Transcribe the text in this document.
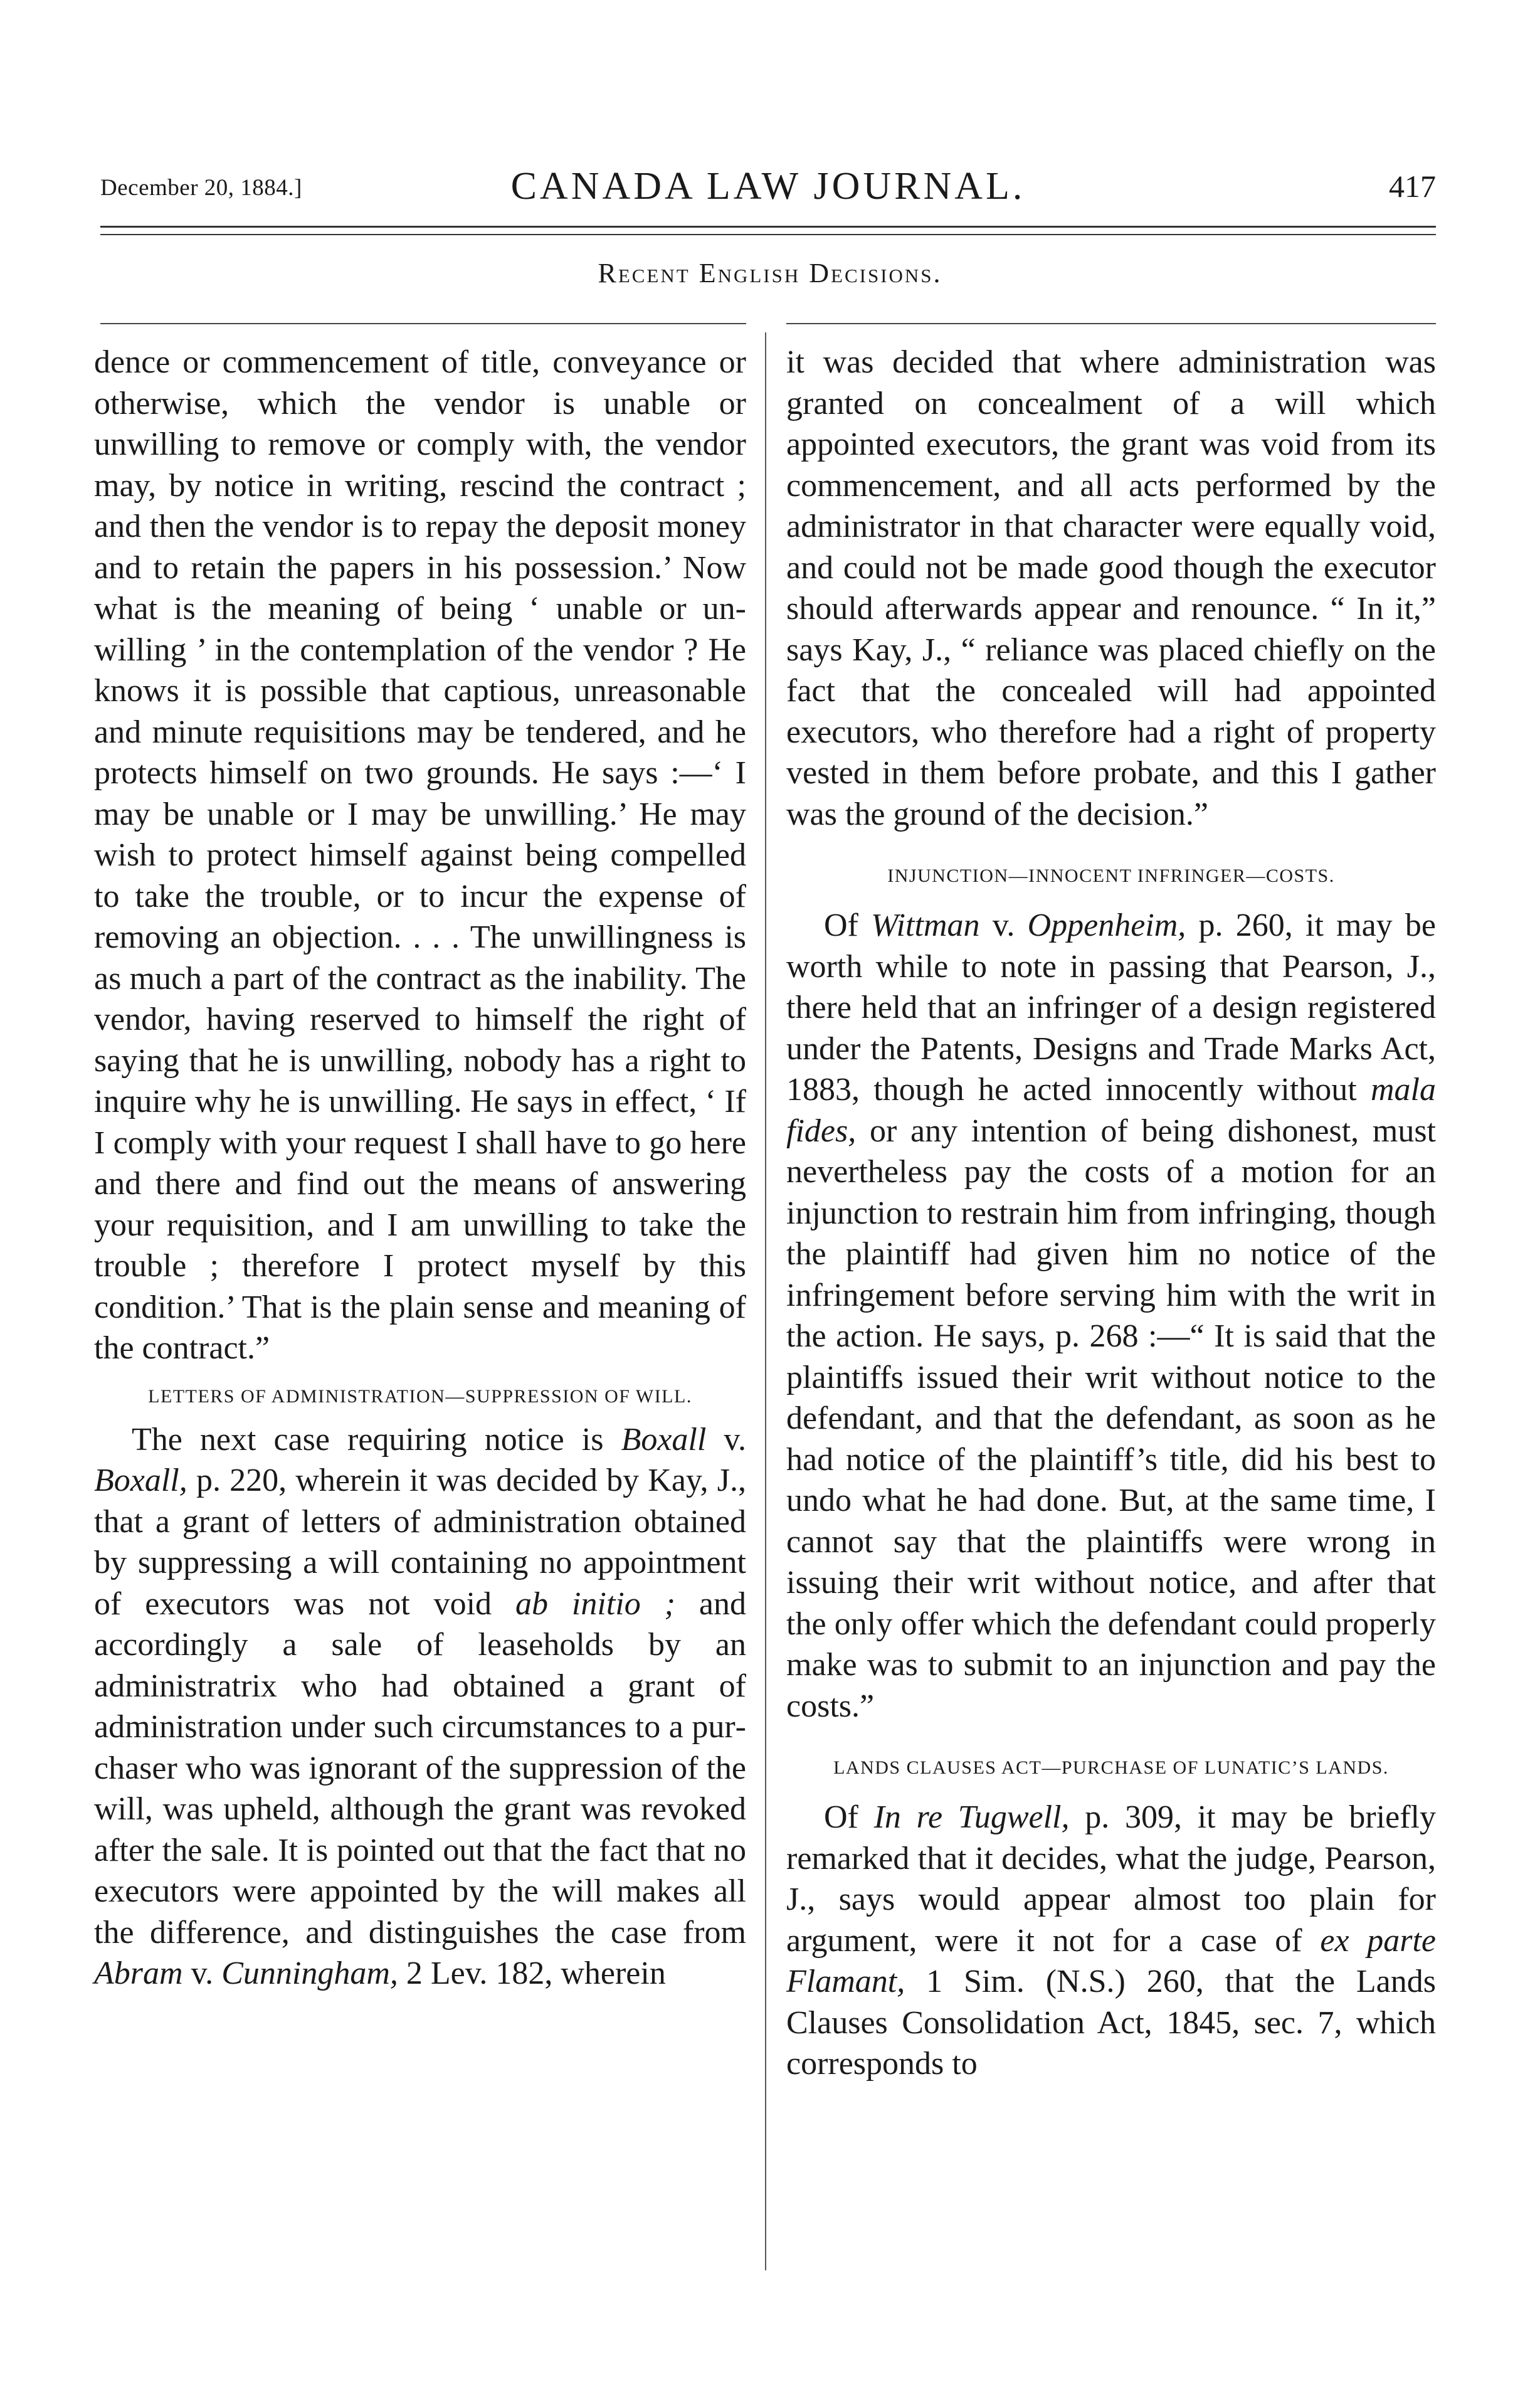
December 20, 1884.]	CANADA LAW JOURNAL.	417
Recent English Decisions.

dence or commencement of title, conveyance or otherwise, which the vendor is unable or unwilling to remove or comply with, the vendor may, by notice in writing, rescind the contract ; and then the vendor is to repay the deposit money and to retain the papers in his possession.’ Now what is the meaning of being ‘ unable or unwilling ’ in the contemplation of the vendor ? He knows it is possible that captious, unreasonable and minute requisitions may be tendered, and he protects himself on two grounds. He says :—‘ I may be unable or I may be unwilling.’ He may wish to protect himself against being compelled to take the trouble, or to incur the expense of removing an objection. . . . The unwillingness is as much a part of the contract as the inability. The vendor, having reserved to himself the right of saying that he is unwilling, nobody has a right to inquire why he is unwilling. He says in effect, ‘ If I comply with your request I shall have to go here and there and find out the means of answering your requisition, and I am unwilling to take the trouble ; therefore I protect myself by this condition.’ That is the plain sense and meaning of the contract.”

LETTERS OF ADMINISTRATION—SUPPRESSION OF WILL.

The next case requiring notice is Boxall v. Boxall, p. 220, wherein it was decided by Kay, J., that a grant of letters of administration obtained by suppressing a will containing no appointment of executors was not void ab initio ; and accordingly a sale of leaseholds by an administratrix who had obtained a grant of administration under such circumstances to a purchaser who was ignorant of the suppression of the will, was upheld, although the grant was revoked after the sale. It is pointed out that the fact that no executors were appointed by the will makes all the difference, and distinguishes the case from Abram v. Cunningham, 2 Lev. 182, wherein

it was decided that where administration was granted on concealment of a will which appointed executors, the grant was void from its commencement, and all acts performed by the administrator in that character were equally void, and could not be made good though the executor should afterwards appear and renounce. “ In it,” says Kay, J., “ reliance was placed chiefly on the fact that the concealed will had appointed executors, who therefore had a right of property vested in them before probate, and this I gather was the ground of the decision.”

INJUNCTION—INNOCENT INFRINGER—COSTS.

Of Wittman v. Oppenheim, p. 260, it may be worth while to note in passing that Pearson, J., there held that an infringer of a design registered under the Patents, Designs and Trade Marks Act, 1883, though he acted innocently without mala fides, or any intention of being dishonest, must nevertheless pay the costs of a motion for an injunction to restrain him from infringing, though the plaintiff had given him no notice of the infringement before serving him with the writ in the action. He says, p. 268 :—“ It is said that the plaintiffs issued their writ without notice to the defendant, and that the defendant, as soon as he had notice of the plaintiff’s title, did his best to undo what he had done. But, at the same time, I cannot say that the plaintiffs were wrong in issuing their writ without notice, and after that the only offer which the defendant could properly make was to submit to an injunction and pay the costs.”

LANDS CLAUSES ACT—PURCHASE OF LUNATIC’S LANDS.

Of In re Tugwell, p. 309, it may be briefly remarked that it decides, what the judge, Pearson, J., says would appear almost too plain for argument, were it not for a case of ex parte Flamant, 1 Sim. (N.S.) 260, that the Lands Clauses Consolidation Act, 1845, sec. 7, which corresponds to
